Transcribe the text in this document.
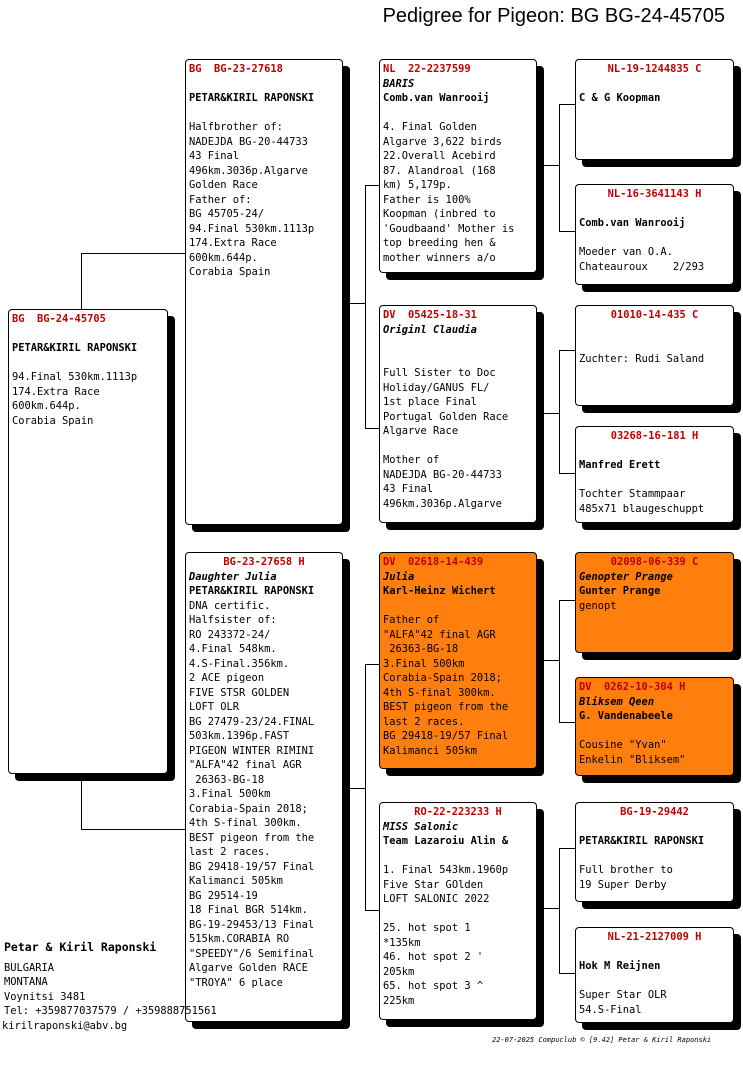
Pedigree for Pigeon: BG BG-24-45705
BG  BG-24-45705
PETAR&KIRIL RAPONSKI
94.Final 530km.1113p
174.Extra Race
600km.644p.
Corabia Spain
BG  BG-23-27618
PETAR&KIRIL RAPONSKI
Halfbrother of:
NADEJDA BG-20-44733
43 Final
496km.3036p.Algarve
Golden Race
Father of:
BG 45705-24/
94.Final 530km.1113p
174.Extra Race
600km.644p.
Corabia Spain
BG-23-27658 H
Daughter Julia
PETAR&KIRIL RAPONSKI
DNA certific.
Halfsister of:
RO 243372-24/
4.Final 548km.
4.S-Final.356km.
2 ACE pigeon
FIVE STSR GOLDEN
LOFT OLR
BG 27479-23/24.FINAL
503km.1396p.FAST
PIGEON WINTER RIMINI
"ALFA"42 final AGR
26363-BG-18
3.Final 500km
Corabia-Spain 2018;
4th S-final 300km.
BEST pigeon from the
last 2 races.
BG 29418-19/57 Final
Kalimanci 505km
BG 29514-19
18 Final BGR 514km.
BG-19-29453/13 Final
515km.CORABIA RO
"SPEEDY"/6 Semifinal
Algarve Golden RACE
"TROYA" 6 place
NL  22-2237599
BARIS
Comb.van Wanrooij
4. Final Golden
Algarve 3,622 birds
22.Overall Acebird
87. Alandroal (168
km) 5,179p.
Father is 100%
Koopman (inbred to
'Goudbaand' Mother is
top breeding hen &
mother winners a/o
DV  05425-18-31
Originl Claudia
Full Sister to Doc
Holiday/GANUS FL/
1st place Final
Portugal Golden Race
Algarve Race
Mother of
NADEJDA BG-20-44733
43 Final
496km.3036p.Algarve
DV  02618-14-439
Julia
Karl-Heinz Wichert
Father of
"ALFA"42 final AGR
26363-BG-18
3.Final 500km
Corabia-Spain 2018;
4th S-final 300km.
BEST pigeon from the
last 2 races.
BG 29418-19/57 Final
Kalimanci 505km
RO-22-223233 H
MISS Salonic
Team Lazaroiu Alin &
1. Final 543km.1960p
Five Star GOlden
LOFT SALONIC 2022
25. hot spot 1
*135km
46. hot spot 2 '
205km
65. hot spot 3 ^
225km
NL-19-1244835 C
C & G Koopman
NL-16-3641143 H
Comb.van Wanrooij
Moeder van O.A.
Chateauroux    2/293
01010-14-435 C
Zuchter: Rudi Saland
03268-16-181 H
Manfred Erett
Tochter Stammpaar
485x71 blaugeschuppt
02098-06-339 C
Genopter Prange
Gunter Prange
genopt
DV  0262-10-304 H
Bliksem Qeen
G. Vandenabeele
Cousine "Yvan"
Enkelin "Bliksem"
BG-19-29442
PETAR&KIRIL RAPONSKI
Full brother to
19 Super Derby
NL-21-2127009 H
Hok M Reijnen
Super Star OLR
54.S-Final
Petar & Kiril Raponski
BULGARIA
MONTANA
Voynitsi 3481
Tel: +359877037579 / +359888751561
kirilraponski@abv.bg
22-07-2025 Compuclub © [9.42] Petar & Kiril Raponski
